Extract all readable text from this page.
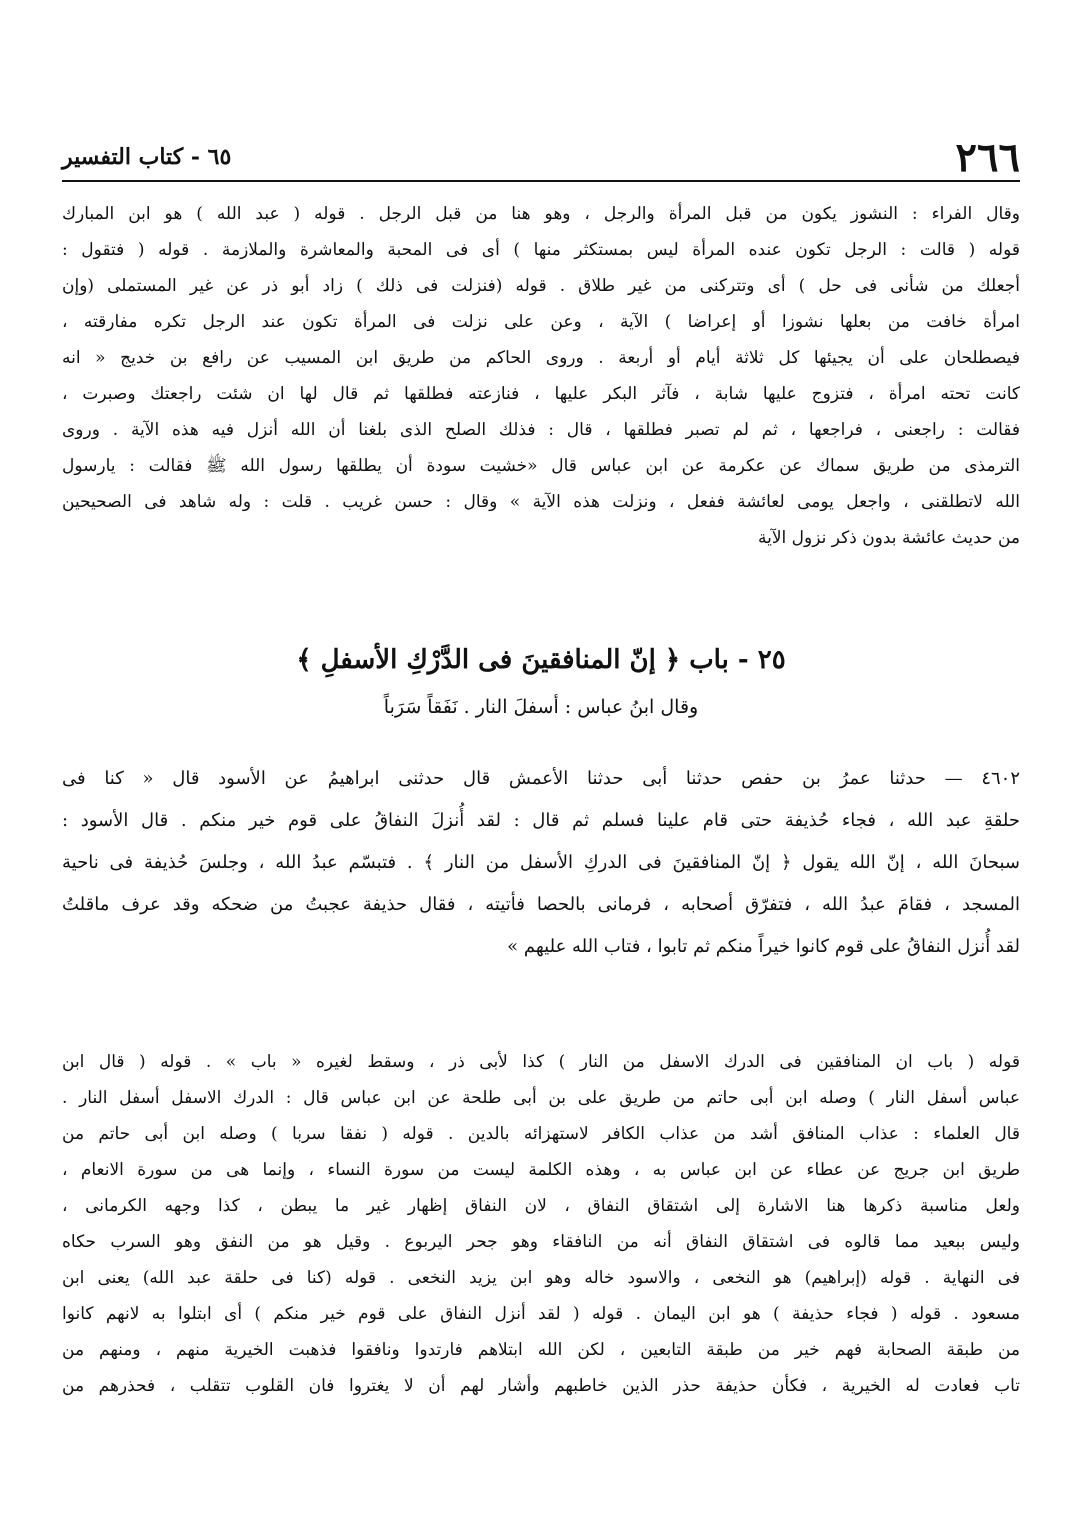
٢٦٦
٦٥ - كتاب التفسير
وقال الفراء : النشوز يكون من قبل المرأة والرجل ، وهو هنا من قبل الرجل . قوله ( عبد الله ) هو ابن المبارك
قوله ( قالت : الرجل تكون عنده المرأة ليس بمستكثر منها ) أى فى المحبة والمعاشرة والملازمة . قوله ( فتقول :
أجعلك من شأنى فى حل ) أى وتتركنى من غير طلاق . قوله (فنزلت فى ذلك ) زاد أبو ذر عن غير المستملى (وإن
امرأة خافت من بعلها نشوزا أو إعراضا ) الآية ، وعن على نزلت فى المرأة تكون عند الرجل تكره مفارقته ،
فيصطلحان على أن يجيئها كل ثلاثة أيام أو أربعة . وروى الحاكم من طريق ابن المسيب عن رافع بن خديج « انه
كانت تحته امرأة ، فتزوج عليها شابة ، فآثر البكر عليها ، فنازعته فطلقها ثم قال لها ان شئت راجعتك وصبرت ،
فقالت : راجعنى ، فراجعها ، ثم لم تصبر فطلقها ، قال : فذلك الصلح الذى بلغنا أن الله أنزل فيه هذه الآية . وروى
الترمذى من طريق سماك عن عكرمة عن ابن عباس قال «خشيت سودة أن يطلقها رسول الله ﷺ فقالت : يارسول
الله لاتطلقنى ، واجعل يومى لعائشة ففعل ، ونزلت هذه الآية » وقال : حسن غريب . قلت : وله شاهد فى الصحيحين
من حديث عائشة بدون ذكر نزول الآية
٢٥ - باب ﴿ إنّ المنافقينَ فى الدَّرْكِ الأسفلِ ﴾
وقال ابنُ عباس : أسفلَ النار . نَفَقاً سَرَباً
٤٦٠٢ — حدثنا عمرُ بن حفص حدثنا أبى حدثنا الأعمش قال حدثنى ابراهيمُ عن الأسود قال « كنا فى
حلقةِ عبد الله ، فجاء حُذيفة حتى قام علينا فسلم ثم قال : لقد أُنزلَ النفاقُ على قوم خير منكم . قال الأسود :
سبحانَ الله ، إنّ الله يقول ﴿ إنّ المنافقينَ فى الدركِ الأسفل من النار ﴾ . فتبسّم عبدُ الله ، وجلسَ حُذيفة فى ناحية
المسجد ، فقامَ عبدُ الله ، فتفرّق أصحابه ، فرمانى بالحصا فأتيته ، فقال حذيفة عجبتُ من ضحكه وقد عرف ماقلتُ
لقد أُنزل النفاقُ على قوم كانوا خيراً منكم ثم تابوا ، فتاب الله عليهم »
قوله ( باب ان المنافقين فى الدرك الاسفل من النار ) كذا لأبى ذر ، وسقط لغيره « باب » . قوله ( قال ابن
عباس أسفل النار ) وصله ابن أبى حاتم من طريق على بن أبى طلحة عن ابن عباس قال : الدرك الاسفل أسفل النار .
قال العلماء : عذاب المنافق أشد من عذاب الكافر لاستهزائه بالدين . قوله ( نفقا سربا ) وصله ابن أبى حاتم من
طريق ابن جريج عن عطاء عن ابن عباس به ، وهذه الكلمة ليست من سورة النساء ، وإنما هى من سورة الانعام ،
ولعل مناسبة ذكرها هنا الاشارة إلى اشتقاق النفاق ، لان النفاق إظهار غير ما يبطن ، كذا وجهه الكرمانى ،
وليس ببعيد مما قالوه فى اشتقاق النفاق أنه من النافقاء وهو جحر اليربوع . وقيل هو من النفق وهو السرب حكاه
فى النهاية . قوله (إبراهيم) هو النخعى ، والاسود خاله وهو ابن يزيد النخعى . قوله (كنا فى حلقة عبد الله) يعنى ابن
مسعود . قوله ( فجاء حذيفة ) هو ابن اليمان . قوله ( لقد أنزل النفاق على قوم خير منكم ) أى ابتلوا به لانهم كانوا
من طبقة الصحابة فهم خير من طبقة التابعين ، لكن الله ابتلاهم فارتدوا ونافقوا فذهبت الخيرية منهم ، ومنهم من
تاب فعادت له الخيرية ، فكأن حذيفة حذر الذين خاطبهم وأشار لهم أن لا يغتروا فان القلوب تتقلب ، فحذرهم من
